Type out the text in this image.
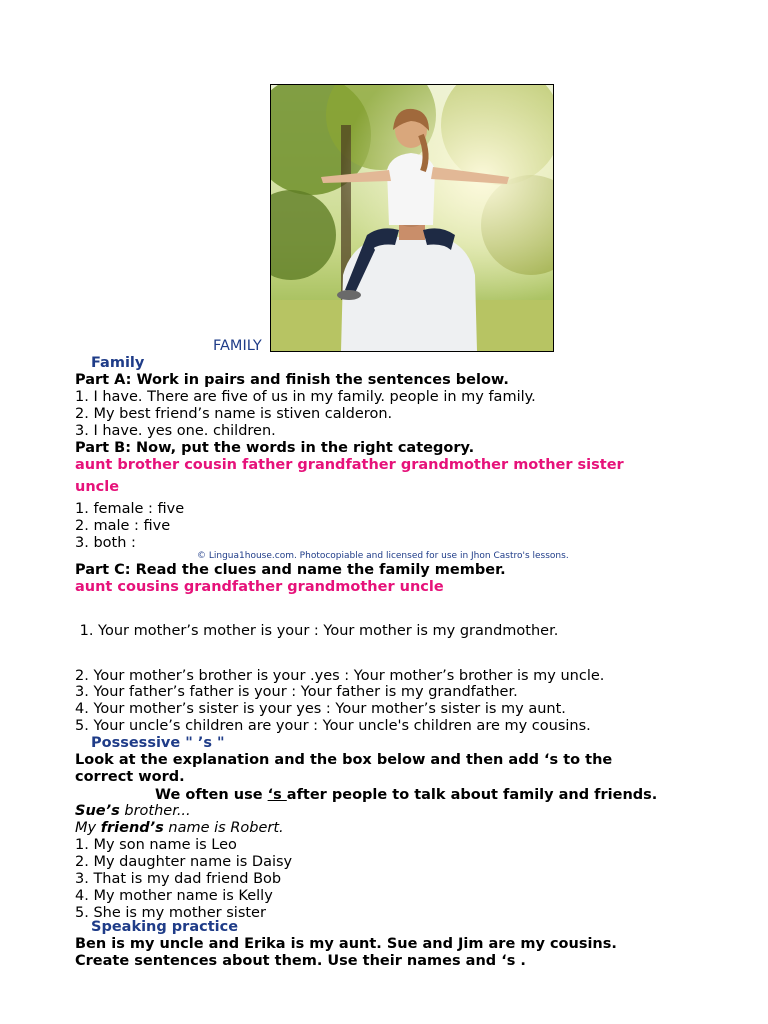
FAMILY
Family
Part A: Work in pairs and finish the sentences below.
1. I have. There are five of us in my family. people in my family.
2. My best friend’s name is stiven calderon.
3. I have. yes one. children.
Part B: Now, put the words in the right category.
aunt brother cousin father grandfather grandmother mother sister
uncle
1. female : five
2. male : five
3. both :
© Lingua1house.com. Photocopiable and licensed for use in Jhon Castro's lessons.
Part C: Read the clues and name the family member.
aunt cousins grandfather grandmother uncle
1. Your mother’s mother is your : Your mother is my grandmother.
2. Your mother’s brother is your .yes : Your mother’s brother is my uncle.
3. Your father’s father is your : Your father is my grandfather.
4. Your mother’s sister is your yes : Your mother’s sister is my aunt.
5. Your uncle’s children are your : Your uncle's children are my cousins.
Possessive " ’s "
Look at the explanation and the box below and then add ‘s to the
correct word.
We often use ‘s after people to talk about family and friends.
Sue’s brother...
My friend’s name is Robert.
1. My son name is Leo
2. My daughter name is Daisy
3. That is my dad friend Bob
4. My mother name is Kelly
5. She is my mother sister
Speaking practice
Ben is my uncle and Erika is my aunt. Sue and Jim are my cousins.
Create sentences about them. Use their names and ‘s .
